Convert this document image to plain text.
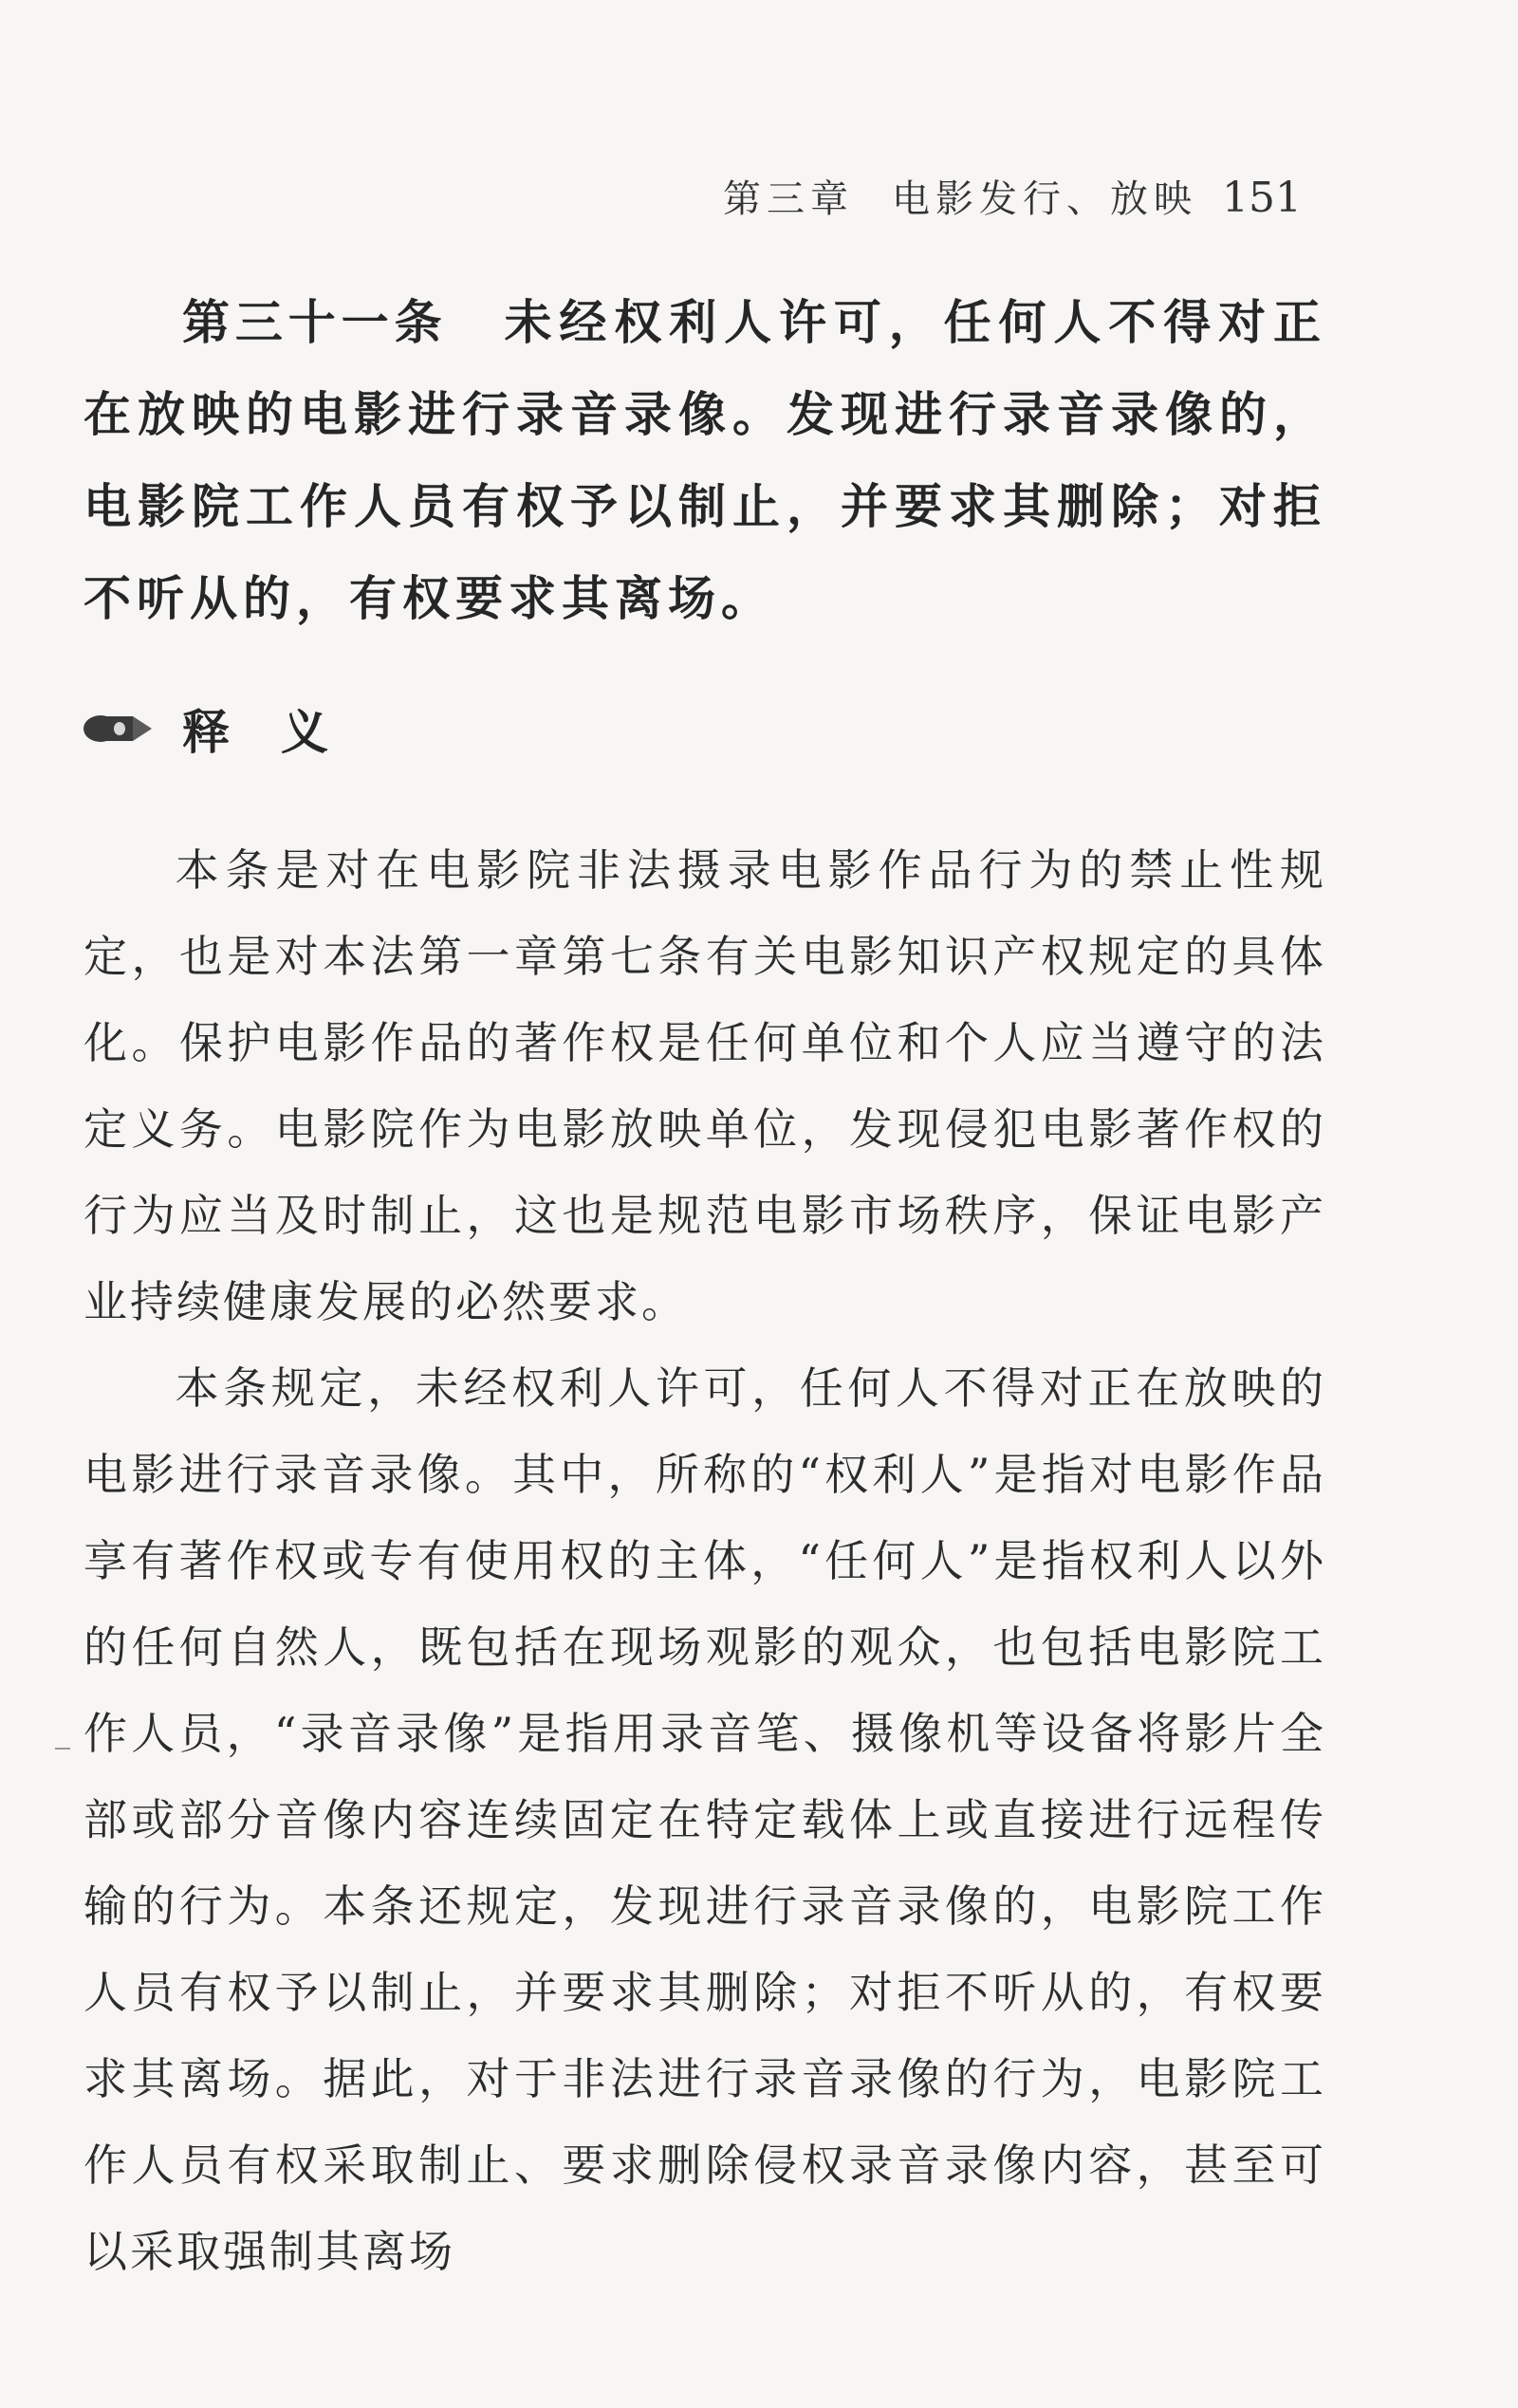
第三章 电影发行、放映 151
第三十一条 未经权利人许可，任何人不得对正在放映的电影进行录音录像。发现进行录音录像的，电影院工作人员有权予以制止，并要求其删除；对拒不听从的，有权要求其离场。
释义

本条是对在电影院非法摄录电影作品行为的禁止性规定，也是对本法第一章第七条有关电影知识产权规定的具体化。保护电影作品的著作权是任何单位和个人应当遵守的法定义务。电影院作为电影放映单位，发现侵犯电影著作权的行为应当及时制止，这也是规范电影市场秩序，保证电影产业持续健康发展的必然要求。

本条规定，未经权利人许可，任何人不得对正在放映的电影进行录音录像。其中，所称的“权利人”是指对电影作品享有著作权或专有使用权的主体，“任何人”是指权利人以外的任何自然人，既包括在现场观影的观众，也包括电影院工作人员，“录音录像”是指用录音笔、摄像机等设备将影片全部或部分音像内容连续固定在特定载体上或直接进行远程传输的行为。本条还规定，发现进行录音录像的，电影院工作人员有权予以制止，并要求其删除；对拒不听从的，有权要求其离场。据此，对于非法进行录音录像的行为，电影院工作人员有权采取制止、要求删除侵权录音录像内容，甚至可以采取强制其离场
